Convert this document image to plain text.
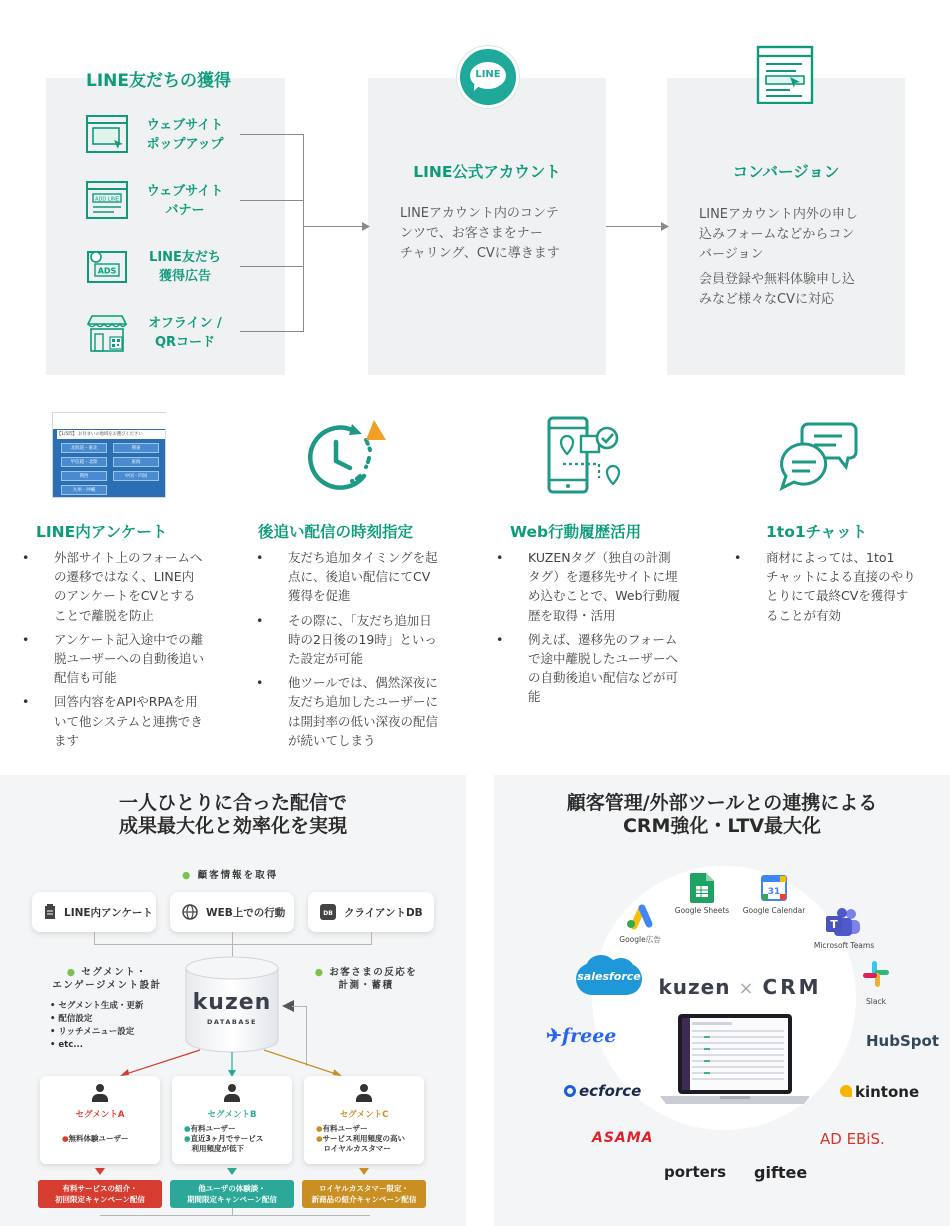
LINE友だちの獲得
ウェブサイト
ポップアップ
ADD LINE
ウェブサイト
バナー
ADS
LINE友だち
獲得広告
オフライン /
QRコード
LINE
LINE公式アカウント
LINEアカウント内のコンテ
ンツで、お客さまをナー
チャリング、CVに導きます
コンバージョン
LINEアカウント内外の申し
込みフォームなどからコン
バージョン
会員登録や無料体験申し込
みなど様々なCVに対応
【1/5問】 お住まいの地域をお選びください
北海道・東北	関東
甲信越・北陸	東海
関西	中国・四国
九州・沖縄
LINE内アンケート
• 外部サイト上のフォームへ
の遷移ではなく、LINE内
のアンケートをCVとする
ことで離脱を防止
• アンケート記入途中での離
脱ユーザーへの自動後追い
配信も可能
• 回答内容をAPIやRPAを用
いて他システムと連携でき
ます
後追い配信の時刻指定
• 友だち追加タイミングを起
点に、後追い配信にてCV
獲得を促進
• その際に、「友だち追加日
時の2日後の19時」といっ
た設定が可能
• 他ツールでは、偶然深夜に
友だち追加したユーザーに
は開封率の低い深夜の配信
が続いてしまう
Web行動履歴活用
• KUZENタグ（独自の計測
タグ）を遷移先サイトに埋
め込むことで、Web行動履
歴を取得・活用
• 例えば、遷移先のフォーム
で途中離脱したユーザーへ
の自動後追い配信などが可
能
1to1チャット
• 商材によっては、1to1
チャットによる直接のやり
とりにて最終CVを獲得す
ることが有効
一人ひとりに合った配信で
成果最大化と効率化を実現
● 顧客情報を取得
LINE内アンケート	WEB上での行動	DB クライアントDB
● セグメント・
エンゲージメント設計
• セグメント生成・更新
• 配信設定
• リッチメニュー設定
• etc...
● お客さまの反応を
計測・蓄積
kuzen
DATABASE
セグメントA
●無料体験ユーザー
有料サービスの紹介・
初回限定キャンペーン配信
セグメントB
●有料ユーザー
●直近3ヶ月でサービス
　利用頻度が低下
他ユーザの体験談・
期間限定キャンペーン配信
セグメントC
●有料ユーザー
●サービス利用頻度の高い
　ロイヤルカスタマー
ロイヤルカスタマー限定・
新商品の紹介キャンペーン配信
顧客管理/外部ツールとの連携による
CRM強化・LTV最大化
kuzen × CRM
Google Sheets
31
Google Calendar
Google広告
T
Microsoft Teams
salesforce
Slack
✈freee	HubSpot
ecforce	kintone
ASAMA	AD EBiS.
porters giftee
